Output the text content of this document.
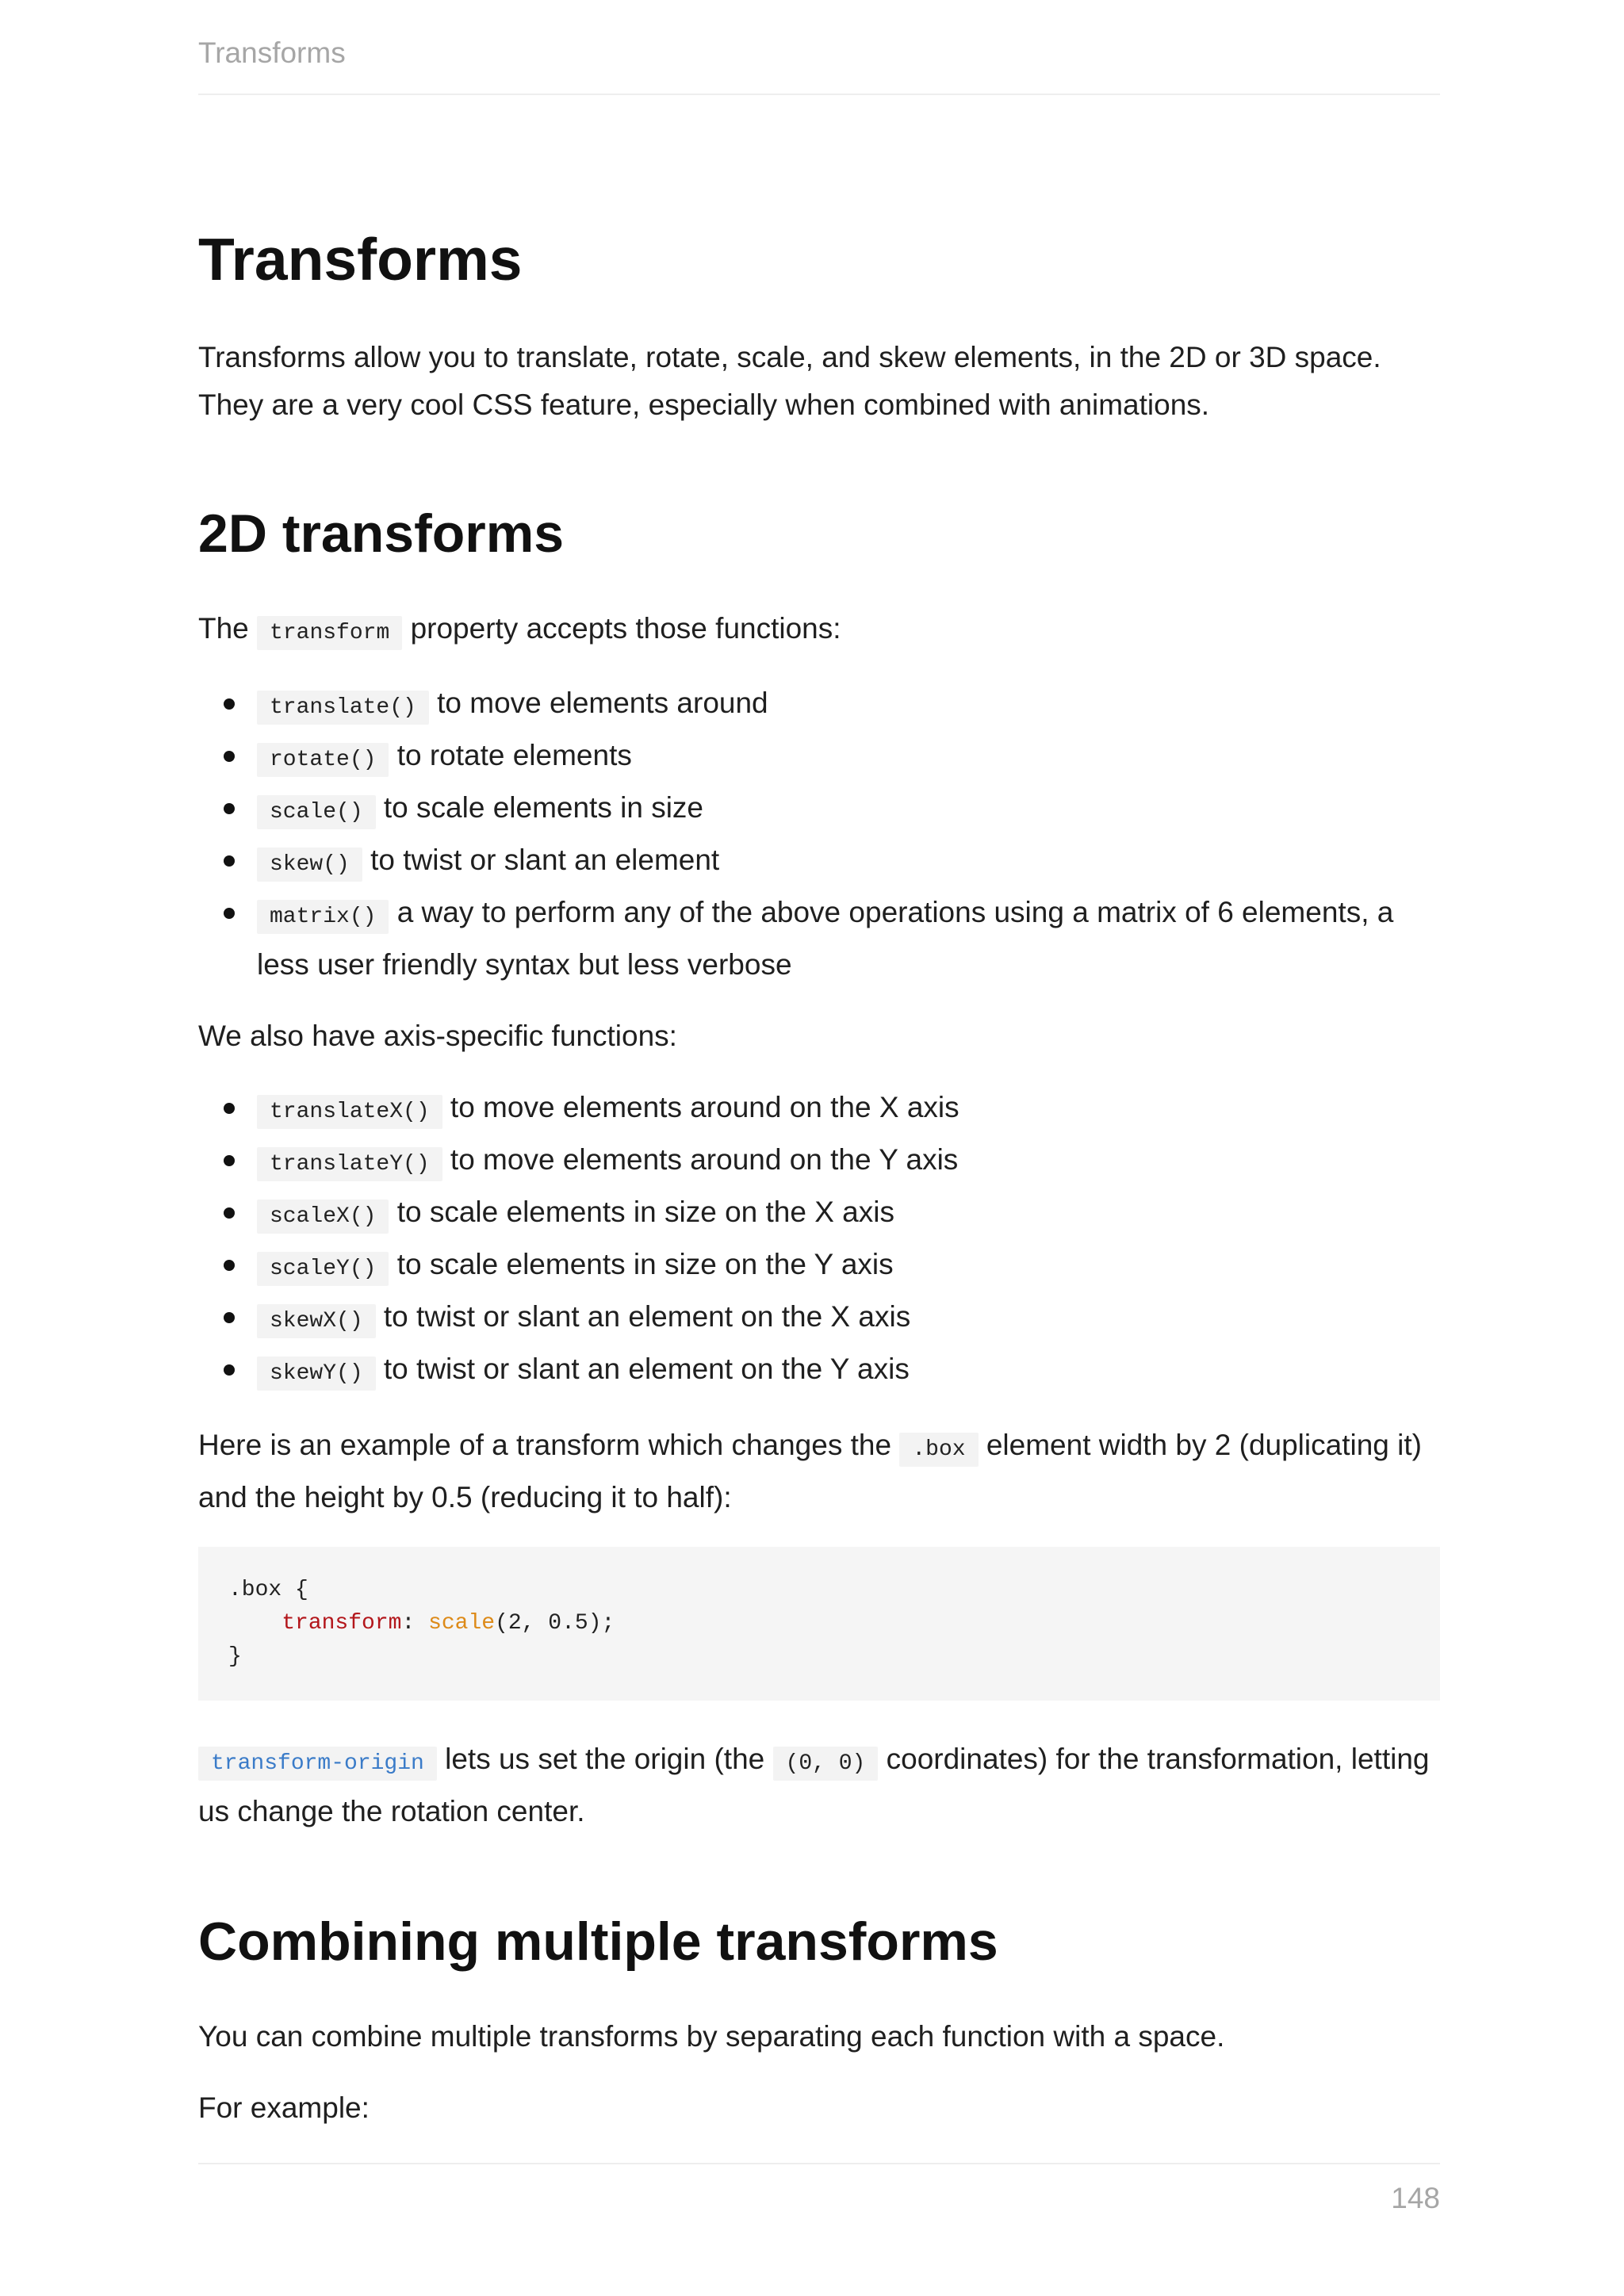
Transforms
Transforms

Transforms allow you to translate, rotate, scale, and skew elements, in the 2D or 3D space.
They are a very cool CSS feature, especially when combined with animations.

2D transforms

The transform property accepts those functions:

translate() to move elements around
rotate() to rotate elements
scale() to scale elements in size
skew() to twist or slant an element
matrix() a way to perform any of the above operations using a matrix of 6 elements, a less user friendly syntax but less verbose

We also have axis-specific functions:

translateX() to move elements around on the X axis
translateY() to move elements around on the Y axis
scaleX() to scale elements in size on the X axis
scaleY() to scale elements in size on the Y axis
skewX() to twist or slant an element on the X axis
skewY() to twist or slant an element on the Y axis

Here is an example of a transform which changes the .box element width by 2 (duplicating it) and the height by 0.5 (reducing it to half):

.box {
transform: scale(2, 0.5);
}

transform-origin lets us set the origin (the (0, 0) coordinates) for the transformation, letting us change the rotation center.

Combining multiple transforms

You can combine multiple transforms by separating each function with a space.

For example:

148
